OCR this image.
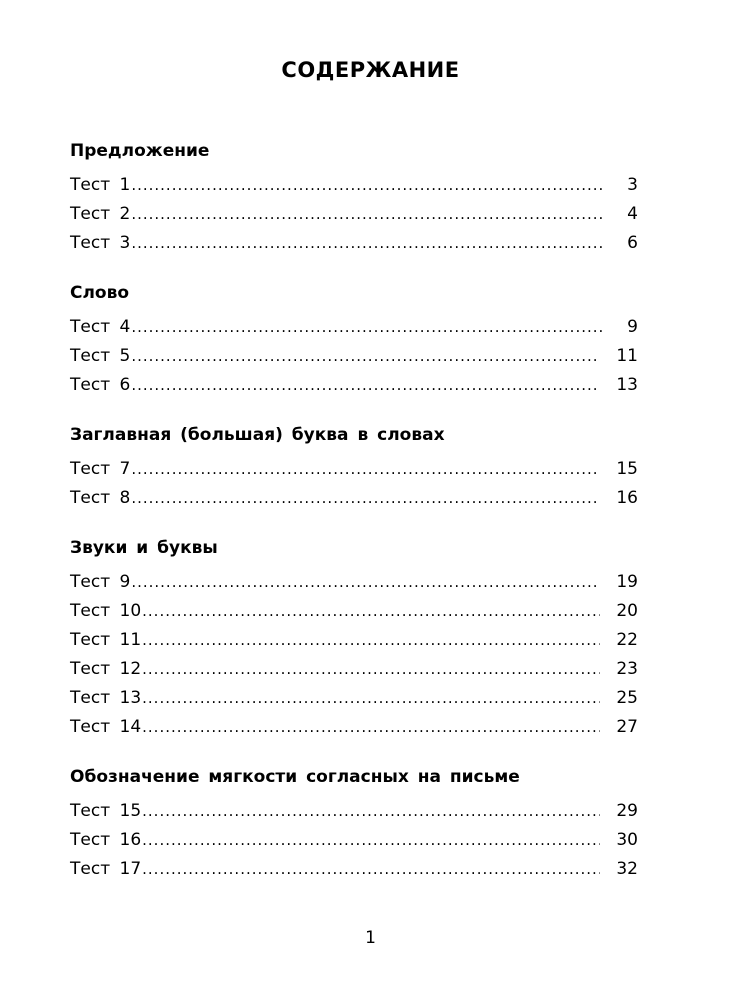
СОДЕРЖАНИЕ
Предложение
Тест 1 .....	3
Тест 2 .....	4
Тест 3 .....	6
Слово
Тест 4 .....	9
Тест 5 .....	11
Тест 6 .....	13
Заглавная (большая) буква в словах
Тест 7 .....	15
Тест 8 .....	16
Звуки и буквы
Тест 9 .....	19
Тест 10 .....	20
Тест 11 .....	22
Тест 12 .....	23
Тест 13 .....	25
Тест 14 .....	27
Обозначение мягкости согласных на письме
Тест 15 .....	29
Тест 16 .....	30
Тест 17 .....	32
1
